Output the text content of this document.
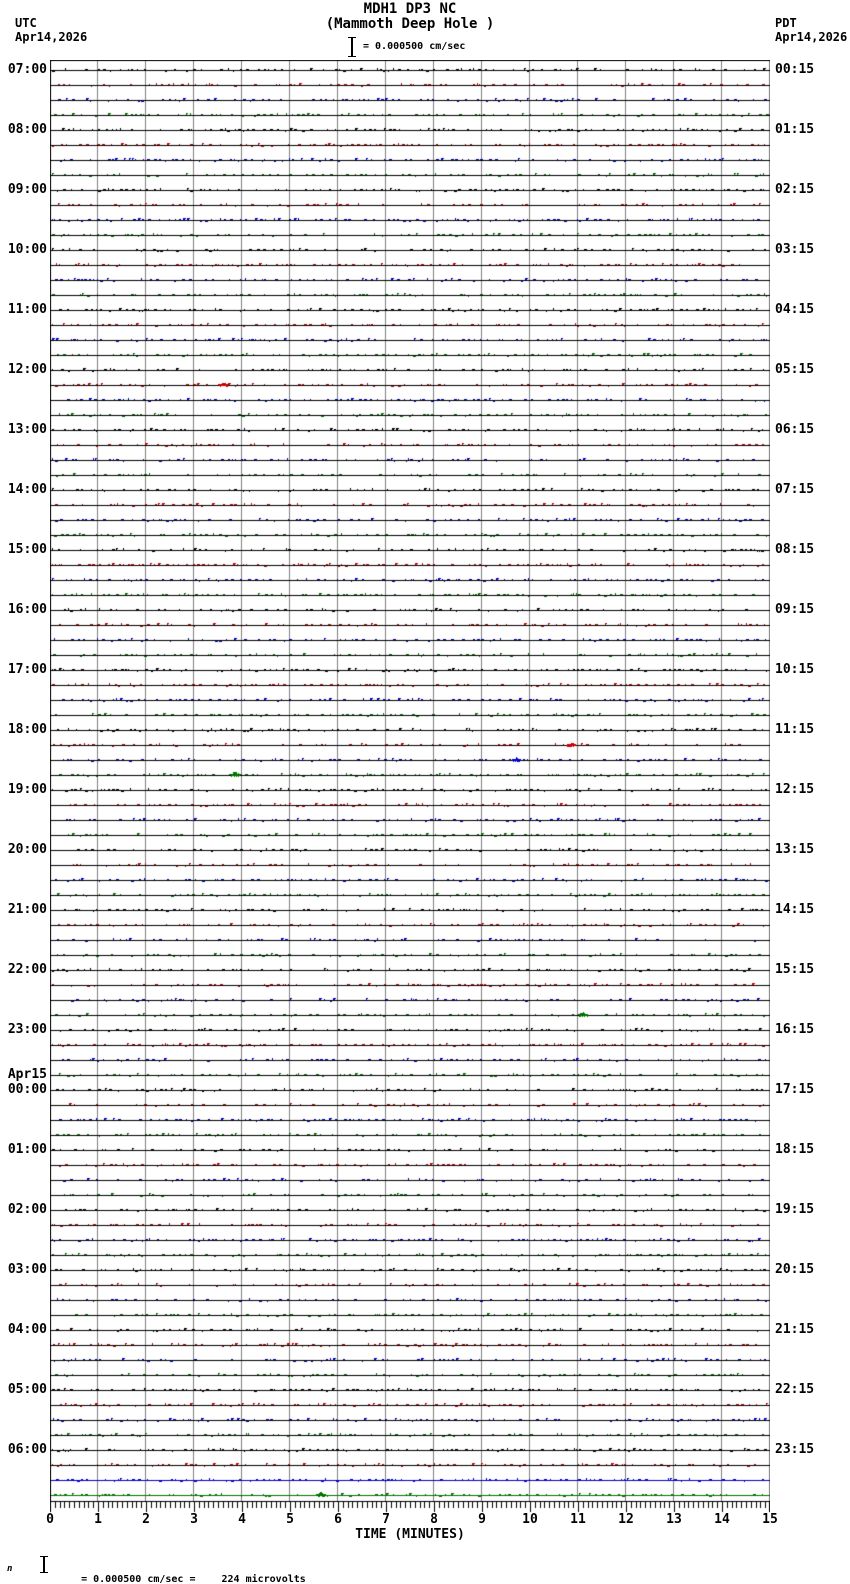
UTC
Apr14,2026
MDH1 DP3 NC
(Mammoth Deep Hole )
= 0.000500 cm/sec
PDT
Apr14,2026
07:00
08:00
09:00
10:00
11:00
12:00
13:00
14:00
15:00
16:00
17:00
18:00
19:00
20:00
21:00
22:00
23:00
Apr15
00:00
01:00
02:00
03:00
04:00
05:00
06:00
00:15
01:15
02:15
03:15
04:15
05:15
06:15
07:15
08:15
09:15
10:15
11:15
12:15
13:15
14:15
15:15
16:15
17:15
18:15
19:15
20:15
21:15
22:15
23:15
0	1	2	3	4	5	6	7	8	9	10	11	12	13	14	15
TIME (MINUTES)
n

= 0.000500 cm/sec =	224 microvolts
